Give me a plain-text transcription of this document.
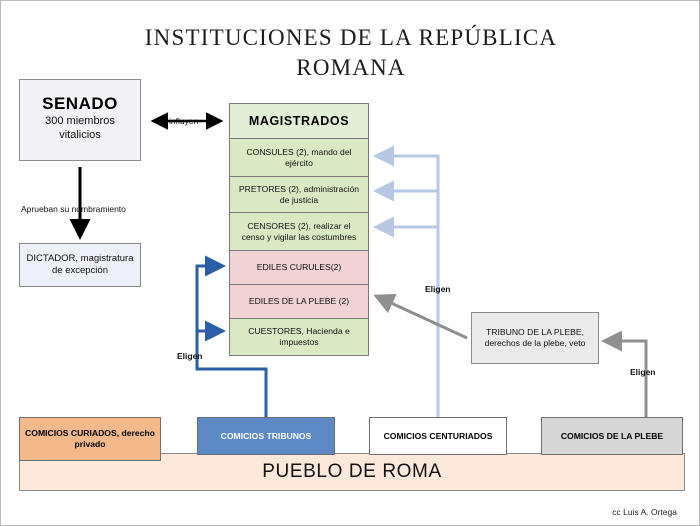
INSTITUCIONES DE LA REPÚBLICA
ROMANA
SENADO
300 miembros
vitalicios
Aprueban su nombramiento
DICTADOR, magistratura de excepción
influyen	MAGISTRADOS
CONSULES (2), mando del ejército
PRETORES (2), administración de justicia
CENSORES (2), realizar el censo y vigilar las costumbres
EDILES CURULES(2)
EDILES DE LA PLEBE (2)
CUESTORES, Hacienda e impuestos
TRIBUNO DE LA PLEBE, derechos de la plebe, veto
Eligen
Eligen
Eligen
PUEBLO DE ROMA
COMICIOS CURIADOS, derecho privado
COMICIOS TRIBUNOS	COMICIOS CENTURIADOS	COMICIOS DE LA PLEBE
cc Luis A. Ortega
